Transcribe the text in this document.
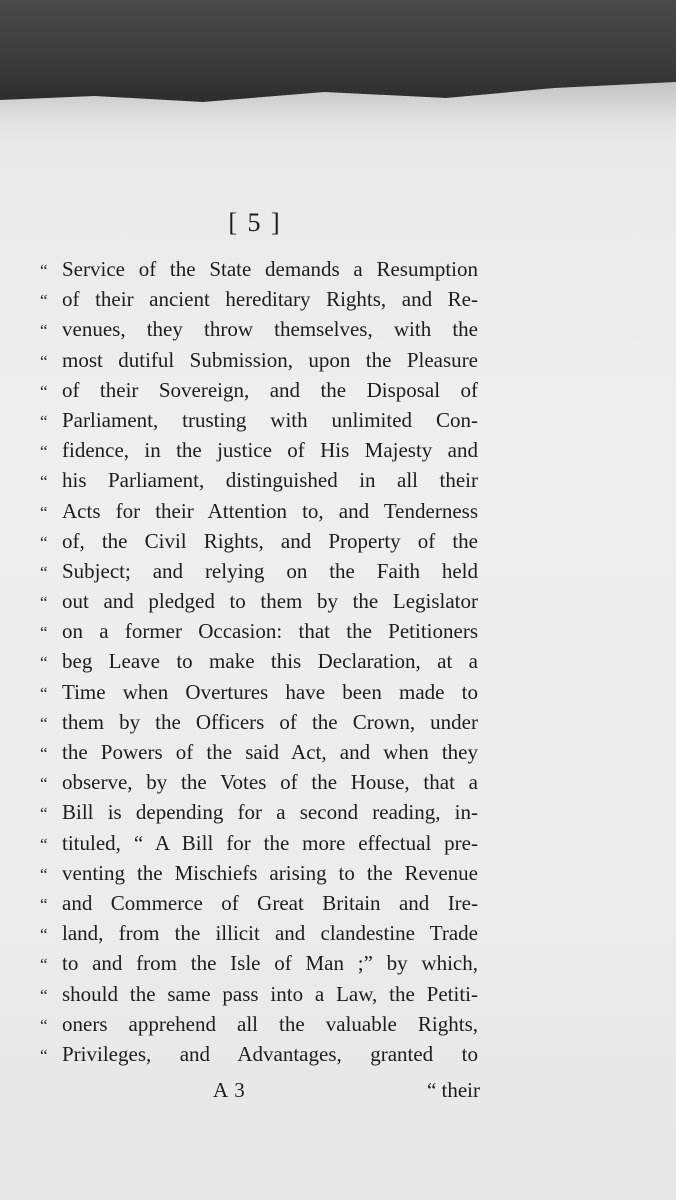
[ 5 ]
“ Service of the State demands a Resumption
“ of their ancient hereditary Rights, and Re-
“ venues, they throw themselves, with the
“ most dutiful Submission, upon the Pleasure
“ of their Sovereign, and the Disposal of
“ Parliament, trusting with unlimited Con-
“ fidence, in the justice of His Majesty and
“ his Parliament, distinguished in all their
“ Acts for their Attention to, and Tenderness
“ of, the Civil Rights, and Property of the
“ Subject; and relying on the Faith held
“ out and pledged to them by the Legislator
“ on a former Occasion: that the Petitioners
“ beg Leave to make this Declaration, at a
“ Time when Overtures have been made to
“ them by the Officers of the Crown, under
“ the Powers of the said Act, and when they
“ observe, by the Votes of the House, that a
“ Bill is depending for a second reading, in-
“ tituled, “ A Bill for the more effectual pre-
“ venting the Mischiefs arising to the Revenue
“ and Commerce of Great Britain and Ire-
“ land, from the illicit and clandestine Trade
“ to and from the Isle of Man ;” by which,
“ should the same pass into a Law, the Petiti-
“ oners apprehend all the valuable Rights,
“ Privileges, and Advantages, granted to
A 3	“ their
